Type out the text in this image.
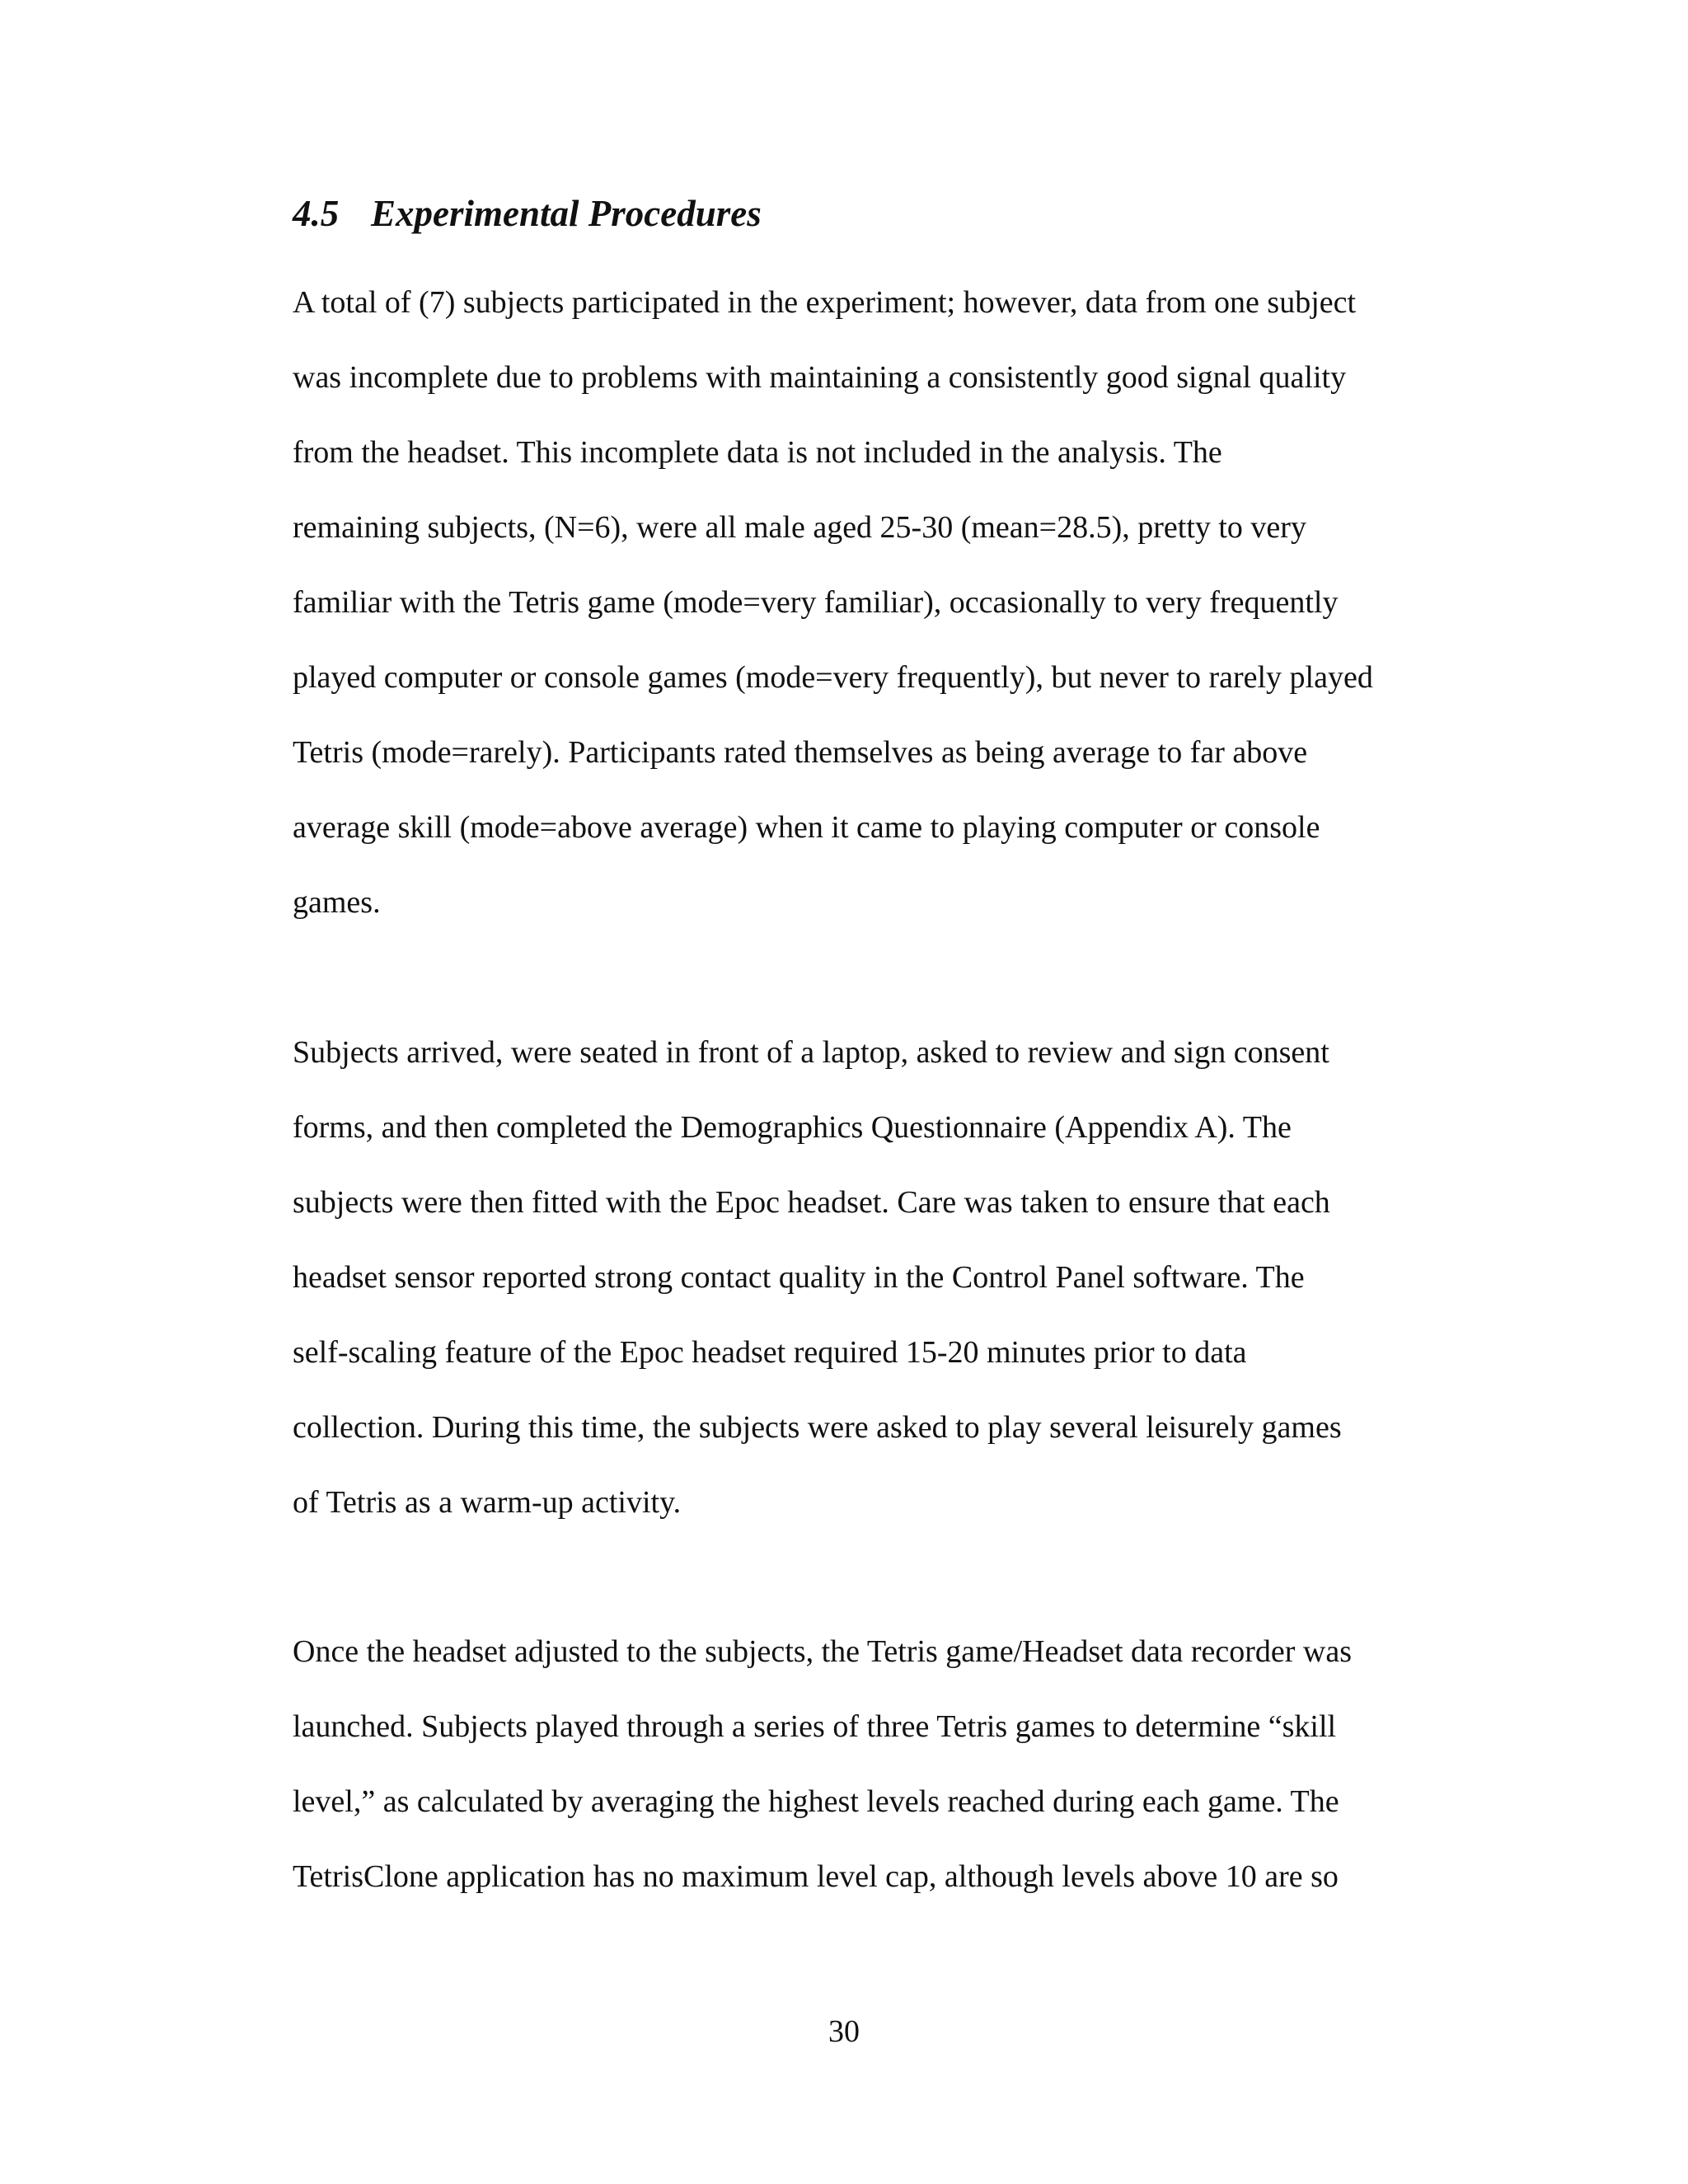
4.5 Experimental Procedures

A total of (7) subjects participated in the experiment; however, data from one subject

was incomplete due to problems with maintaining a consistently good signal quality

from the headset. This incomplete data is not included in the analysis. The

remaining subjects, (N=6), were all male aged 25-30 (mean=28.5), pretty to very

familiar with the Tetris game (mode=very familiar), occasionally to very frequently

played computer or console games (mode=very frequently), but never to rarely played

Tetris (mode=rarely). Participants rated themselves as being average to far above

average skill (mode=above average) when it came to playing computer or console

games.

Subjects arrived, were seated in front of a laptop, asked to review and sign consent

forms, and then completed the Demographics Questionnaire (Appendix A). The

subjects were then fitted with the Epoc headset. Care was taken to ensure that each

headset sensor reported strong contact quality in the Control Panel software. The

self-scaling feature of the Epoc headset required 15-20 minutes prior to data

collection. During this time, the subjects were asked to play several leisurely games

of Tetris as a warm-up activity.

Once the headset adjusted to the subjects, the Tetris game/Headset data recorder was

launched. Subjects played through a series of three Tetris games to determine “skill

level,” as calculated by averaging the highest levels reached during each game. The

TetrisClone application has no maximum level cap, although levels above 10 are so

30
